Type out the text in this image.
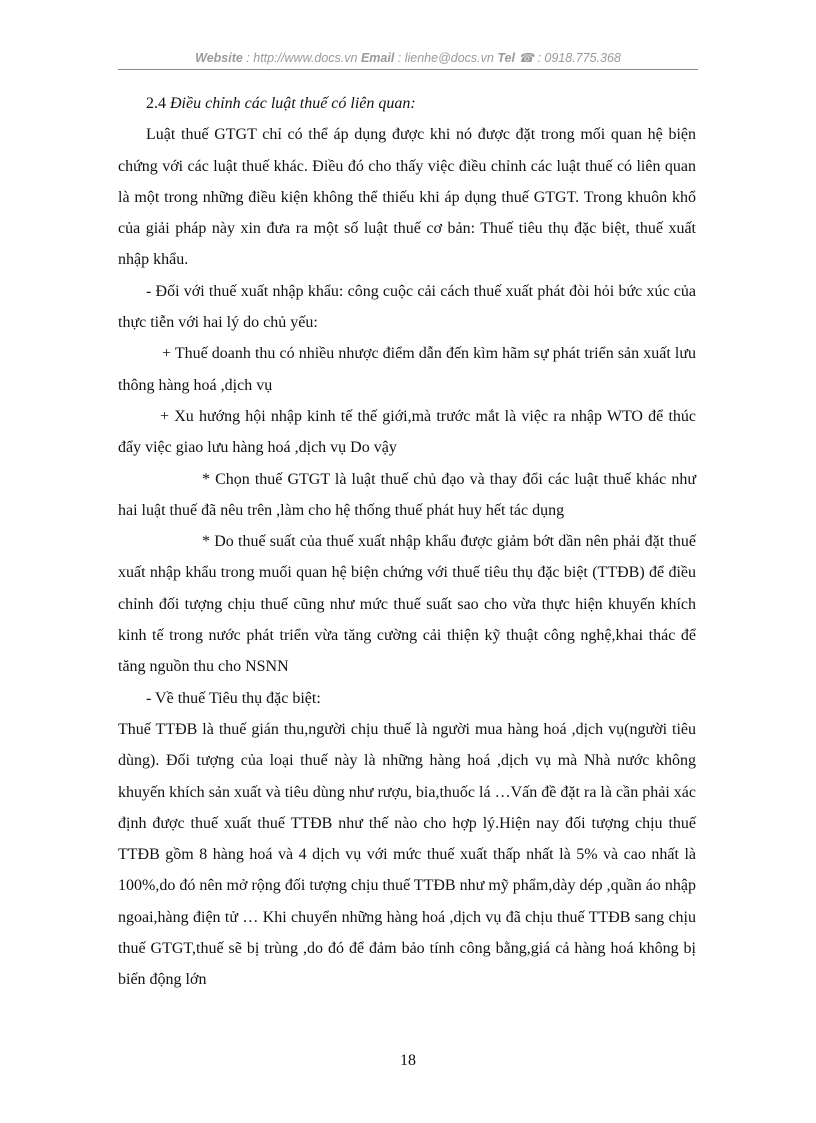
Website : http://www.docs.vn Email : lienhe@docs.vn Tel ☎ : 0918.775.368

2.4 Điều chỉnh các luật thuế có liên quan:

Luật thuế GTGT chỉ có thể áp dụng được khi nó được đặt trong mối quan hệ biện chứng với các luật thuế khác. Điều đó cho thấy việc điều chỉnh các luật thuế có liên quan là một trong những điều kiện không thể thiếu khi áp dụng thuế GTGT. Trong khuôn khổ của giải pháp này xin đưa ra một số luật thuế cơ bản: Thuế tiêu thụ đặc biệt, thuế xuất nhập khẩu.

- Đối với thuế xuất nhập khẩu: công cuộc cải cách thuế xuất phát đòi hỏi bức xúc của thực tiễn với hai lý do chủ yếu:

+ Thuế doanh thu có nhiều nhược điểm dẫn đến kìm hãm sự phát triển sản xuất lưu thông hàng hoá ,dịch vụ

+ Xu hướng hội nhập kinh tế thế giới,mà trước mắt là việc ra nhập WTO để thúc đẩy việc giao lưu hàng hoá ,dịch vụ Do vậy

* Chọn thuế GTGT là luật thuế chủ đạo và thay đổi các luật thuế khác như hai luật thuế đã nêu trên ,làm cho hệ thống thuế phát huy hết tác dụng

* Do thuế suất của thuế xuất nhập khẩu được giảm bớt dần nên phải đặt thuế xuất nhập khẩu trong muối quan hệ biện chứng với thuế tiêu thụ đặc biệt (TTĐB) để điều chỉnh đối tượng chịu thuế cũng như mức thuế suất sao cho vừa thực hiện khuyến khích kinh tế trong nước phát triển vừa tăng cường cải thiện kỹ thuật công nghệ,khai thác để tăng nguồn thu cho NSNN

- Về thuế Tiêu thụ đặc biệt:

Thuế TTĐB là thuế gián thu,người chịu thuế là người mua hàng hoá ,dịch vụ(người tiêu dùng). Đối tượng của loại thuế này là những hàng hoá ,dịch vụ mà Nhà nước không khuyến khích sản xuất và tiêu dùng như rượu, bia,thuốc lá …Vấn đề đặt ra là cần phải xác định được thuế xuất thuế TTĐB như thế nào cho hợp lý.Hiện nay đối tượng chịu thuế TTĐB gồm 8 hàng hoá và 4 dịch vụ với mức thuế xuất thấp nhất là 5% và cao nhất là 100%,do đó nên mở rộng đối tượng chịu thuế TTĐB như mỹ phẩm,dày dép ,quần áo nhập ngoai,hàng điện tử … Khi chuyển những hàng hoá ,dịch vụ đã chịu thuế TTĐB sang chịu thuế GTGT,thuế sẽ bị trùng ,do đó để đảm bảo tính công bằng,giá cả hàng hoá không bị biến động lớn

18
